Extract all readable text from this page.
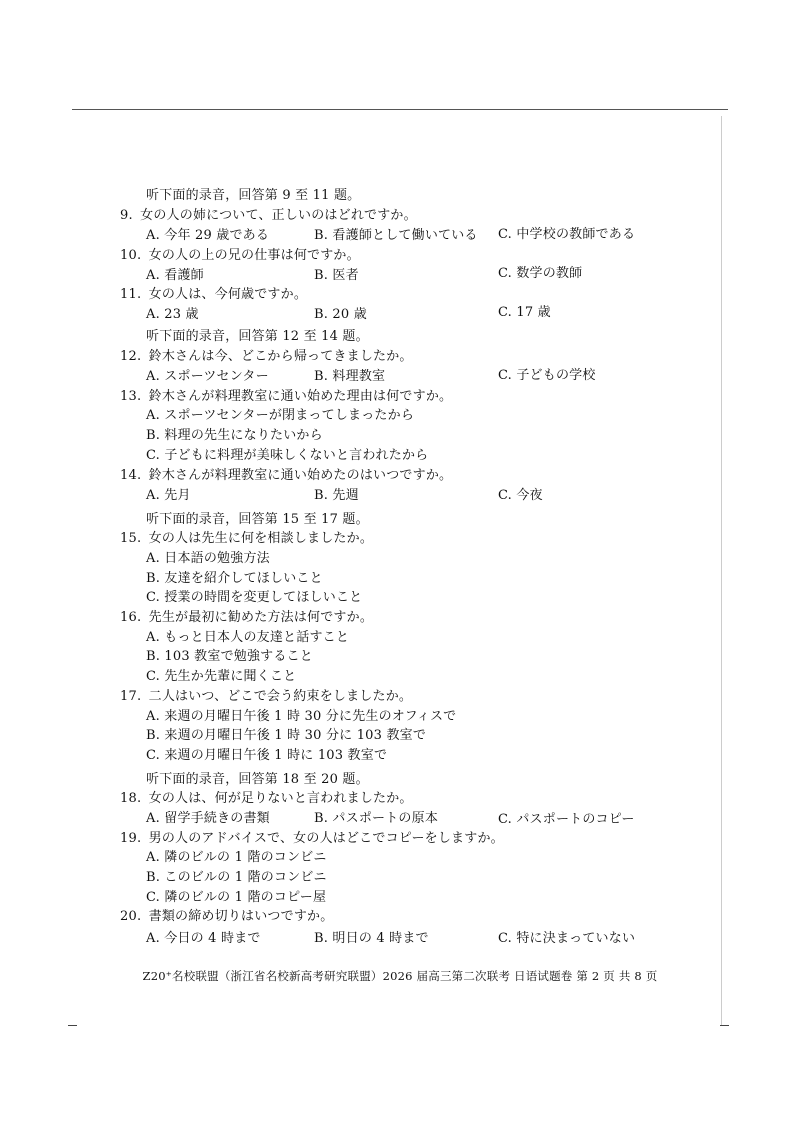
听下面的录音，回答第 9 至 11 题。
9. 女の人の姉について、正しいのはどれですか。
A. 今年 29 歳である	B. 看護師として働いている C. 中学校の教師である
10. 女の人の上の兄の仕事は何ですか。
A. 看護師	B. 医者	C. 数学の教師
11. 女の人は、今何歳ですか。
A. 23 歳	B. 20 歳	C. 17 歳
听下面的录音，回答第 12 至 14 题。
12. 鈴木さんは今、どこから帰ってきましたか。
A. スポーツセンター	B. 料理教室	C. 子どもの学校
13. 鈴木さんが料理教室に通い始めた理由は何ですか。
A. スポーツセンターが閉まってしまったから
B. 料理の先生になりたいから
C. 子どもに料理が美味しくないと言われたから
14. 鈴木さんが料理教室に通い始めたのはいつですか。
A. 先月	B. 先週	C. 今夜
听下面的录音，回答第 15 至 17 题。
15. 女の人は先生に何を相談しましたか。
A. 日本語の勉強方法
B. 友達を紹介してほしいこと
C. 授業の時間を変更してほしいこと
16. 先生が最初に勧めた方法は何ですか。
A. もっと日本人の友達と話すこと
B. 103 教室で勉強すること
C. 先生か先輩に聞くこと
17. 二人はいつ、どこで会う約束をしましたか。
A. 来週の月曜日午後 1 時 30 分に先生のオフィスで
B. 来週の月曜日午後 1 時 30 分に 103 教室で
C. 来週の月曜日午後 1 時に 103 教室で
听下面的录音，回答第 18 至 20 题。
18. 女の人は、何が足りないと言われましたか。
A. 留学手続きの書類	B. パスポートの原本	C. パスポートのコピー
19. 男の人のアドバイスで、女の人はどこでコピーをしますか。
A. 隣のビルの 1 階のコンビニ
B. このビルの 1 階のコンビニ
C. 隣のビルの 1 階のコピー屋
20. 書類の締め切りはいつですか。
A. 今日の 4 時まで	B. 明日の 4 時まで	C. 特に決まっていない
Z20⁺名校联盟（浙江省名校新高考研究联盟）2026 届高三第二次联考 日语试题卷 第 2 页 共 8 页
